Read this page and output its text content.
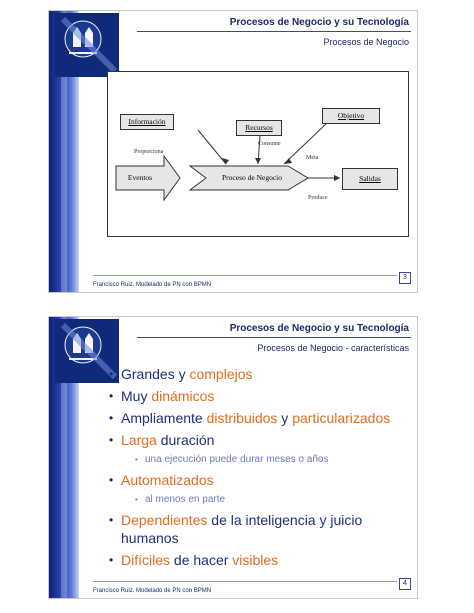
Procesos de Negocio y su Tecnología
Procesos de Negocio
Información
Recursos
Objetivo
Proporciona
Consume
Meta
Produce
Eventos	Proceso de Negocio	Salidas
Francisco Ruiz. Modelado de PN con BPMN
3
Procesos de Negocio y su Tecnología
Procesos de Negocio - características
• Grandes y complejos
• Muy dinámicos
• Ampliamente distribuidos y particularizados
• Larga duración
▪ una ejecución puede durar meses o años
• Automatizados
▪ al menos en parte
• Dependientes de la inteligencia y juicio humanos
• Difíciles de hacer visibles
Francisco Ruiz. Modelado de PN con BPMN
4
